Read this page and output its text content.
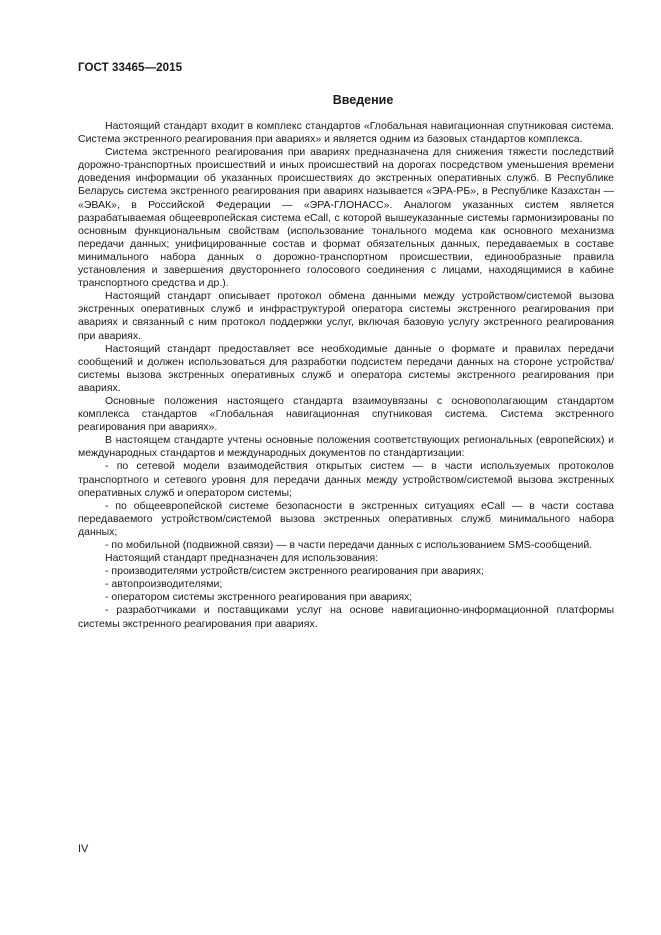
ГОСТ 33465—2015
Введение

Настоящий стандарт входит в комплекс стандартов «Глобальная навигационная спутниковая система. Система экстренного реагирования при авариях» и является одним из базовых стандартов комплекса.

Система экстренного реагирования при авариях предназначена для снижения тяжести последствий дорожно-транспортных происшествий и иных происшествий на дорогах посредством уменьшения времени доведения информации об указанных происшествиях до экстренных оперативных служб. В Республике Беларусь система экстренного реагирования при авариях называется «ЭРА-РБ», в Республике Казахстан — «ЭВАК», в Российской Федерации — «ЭРА-ГЛОНАСС». Аналогом указанных систем является разрабатываемая общеевропейская система eCall, с которой вышеуказанные системы гармонизированы по основным функциональным свойствам (использование тонального модема как основного механизма передачи данных; унифицированные состав и формат обязательных данных, передаваемых в составе минимального набора данных о дорожно-транспортном происшествии, единообразные правила установления и завершения двустороннего голосового соединения с лицами, находящимися в кабине транспортного средства и др.).

Настоящий стандарт описывает протокол обмена данными между устройством/системой вызова экстренных оперативных служб и инфраструктурой оператора системы экстренного реагирования при авариях и связанный с ним протокол поддержки услуг, включая базовую услугу экстренного реагирования при авариях.

Настоящий стандарт предоставляет все необходимые данные о формате и правилах передачи сообщений и должен использоваться для разработки подсистем передачи данных на стороне устройства/системы вызова экстренных оперативных служб и оператора системы экстренного реагирования при авариях.

Основные положения настоящего стандарта взаимоувязаны с основополагающим стандартом комплекса стандартов «Глобальная навигационная спутниковая система. Система экстренного реагирования при авариях».

В настоящем стандарте учтены основные положения соответствующих региональных (европейских) и международных стандартов и международных документов по стандартизации:

- по сетевой модели взаимодействия открытых систем — в части используемых протоколов транспортного и сетевого уровня для передачи данных между устройством/системой вызова экстренных оперативных служб и оператором системы;

- по общеевропейской системе безопасности в экстренных ситуациях eCall — в части состава передаваемого устройством/системой вызова экстренных оперативных служб минимального набора данных;

- по мобильной (подвижной связи) — в части передачи данных с использованием SMS-сообщений.

Настоящий стандарт предназначен для использования:

- производителями устройств/систем экстренного реагирования при авариях;

- автопроизводителями;

- оператором системы экстренного реагирования при авариях;

- разработчиками и поставщиками услуг на основе навигационно-информационной платформы системы экстренного реагирования при авариях.

IV
